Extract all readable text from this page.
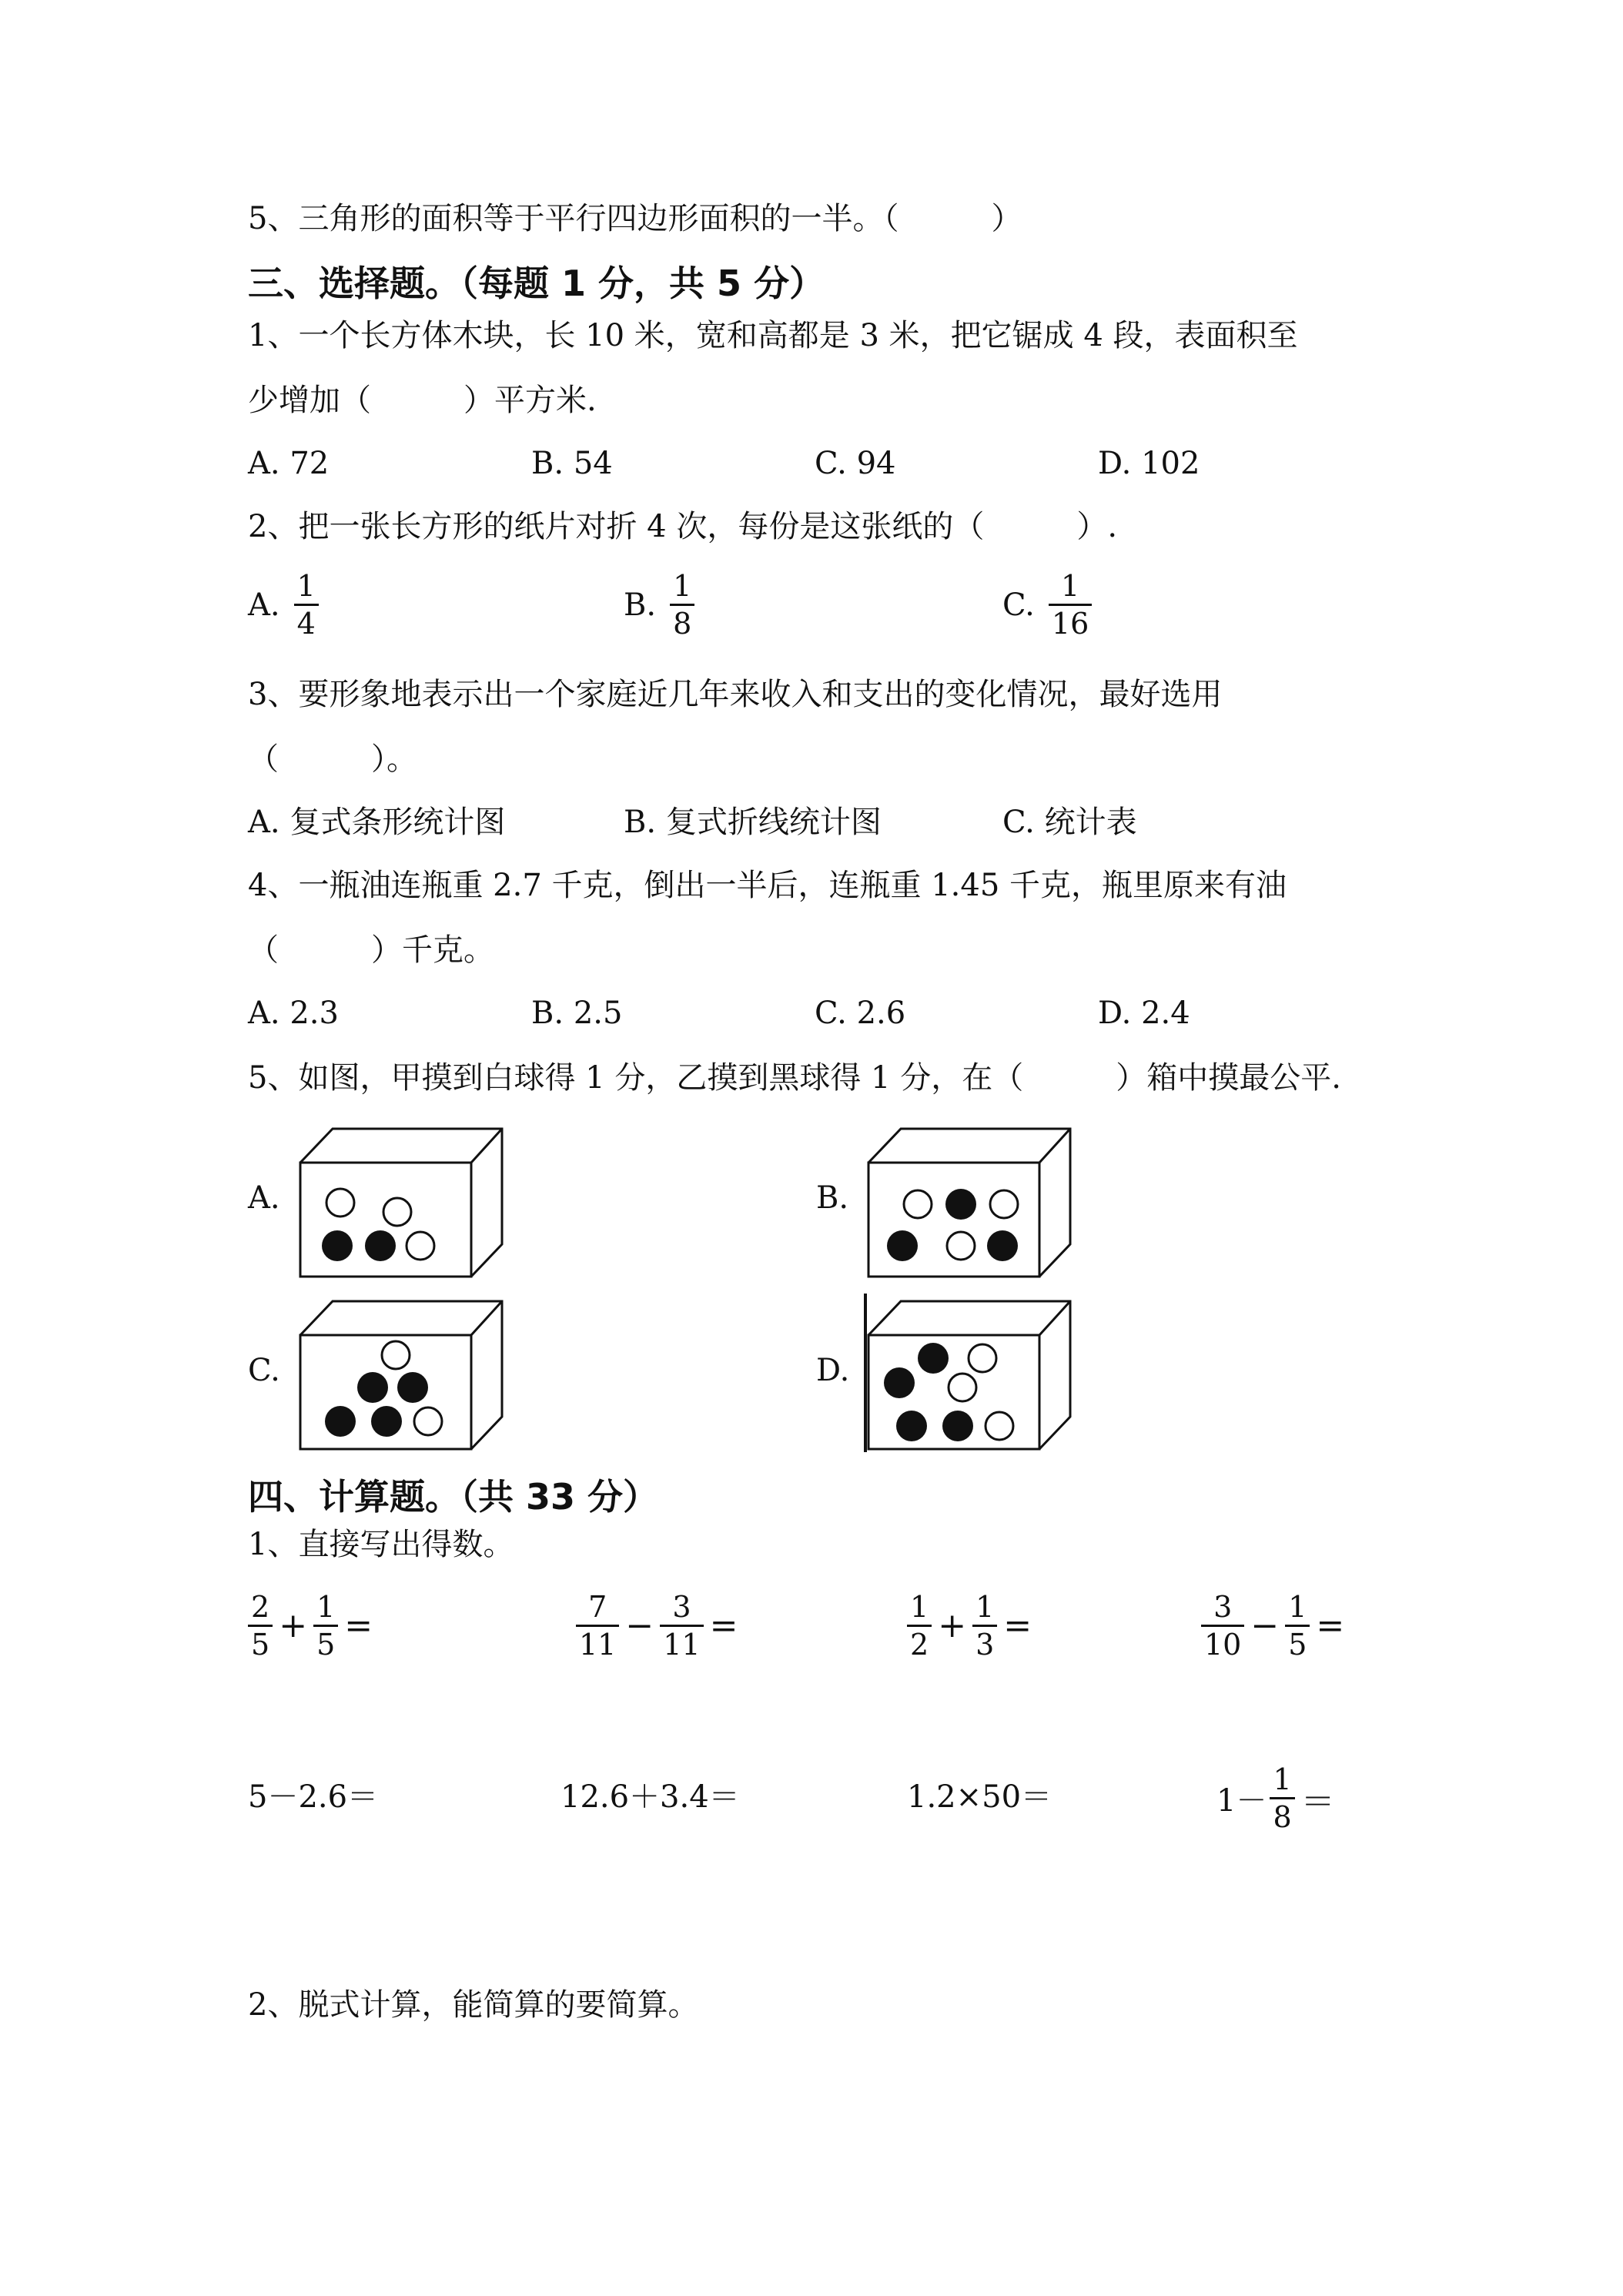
5、三角形的面积等于平行四边形面积的一半。（　　　）
三、选择题。（每题 1 分，共 5 分）
1、一个长方体木块，长 10 米，宽和高都是 3 米，把它锯成 4 段，表面积至
少增加（　　　）平方米.
A. 72	B. 54	C. 94	D. 102
2、把一张长方形的纸片对折 4 次，每份是这张纸的（　　　）.
A. $\frac{1}{4}$	B. $\frac{1}{8}$	C. $\frac{1}{16}$
3、要形象地表示出一个家庭近几年来收入和支出的变化情况，最好选用
（　　　）。
A. 复式条形统计图	B. 复式折线统计图	C. 统计表
4、一瓶油连瓶重 2.7 千克，倒出一半后，连瓶重 1.45 千克，瓶里原来有油
（　　　）千克。
A. 2.3	B. 2.5	C. 2.6	D. 2.4
5、如图，甲摸到白球得 1 分，乙摸到黑球得 1 分，在（　　　）箱中摸最公平.
A.	B.
C.	D.
四、计算题。（共 33 分）
1、直接写出得数。
$\frac{2}{5} + \frac{1}{5}$ =	$\frac{7}{11} - \frac{3}{11}$ =	$\frac{1}{2} + \frac{1}{3}$ =	$\frac{3}{10} - \frac{1}{5}$ =
5－2.6＝	12.6＋3.4＝	1.2×50＝	$1- \frac{1}{8}$ ＝
2、脱式计算，能简算的要简算。
